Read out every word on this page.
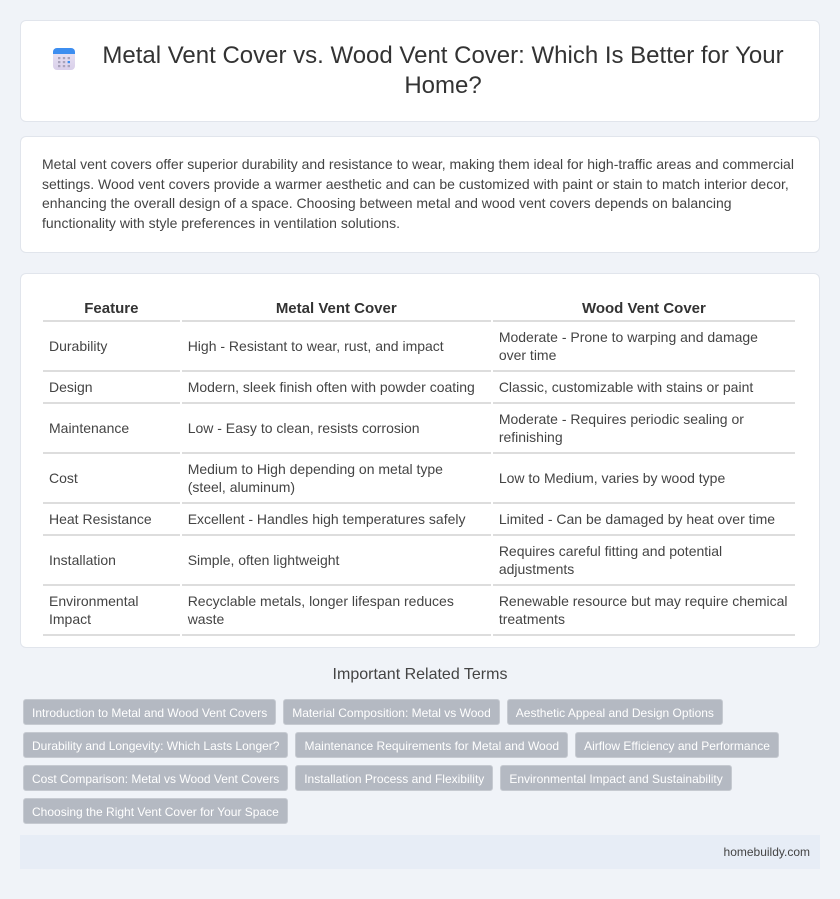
Metal Vent Cover vs. Wood Vent Cover: Which Is Better for Your Home?

Metal vent covers offer superior durability and resistance to wear, making them ideal for high-traffic areas and commercial settings. Wood vent covers provide a warmer aesthetic and can be customized with paint or stain to match interior decor, enhancing the overall design of a space. Choosing between metal and wood vent covers depends on balancing functionality with style preferences in ventilation solutions.

Feature	Metal Vent Cover	Wood Vent Cover
Durability	High - Resistant to wear, rust, and impact	Moderate - Prone to warping and damage over time
Design	Modern, sleek finish often with powder coating	Classic, customizable with stains or paint
Maintenance	Low - Easy to clean, resists corrosion	Moderate - Requires periodic sealing or refinishing
Cost	Medium to High depending on metal type (steel, aluminum)	Low to Medium, varies by wood type
Heat Resistance	Excellent - Handles high temperatures safely	Limited - Can be damaged by heat over time
Installation	Simple, often lightweight	Requires careful fitting and potential adjustments
Environmental Impact	Recyclable metals, longer lifespan reduces waste	Renewable resource but may require chemical treatments
Important Related Terms
Introduction to Metal and Wood Vent Covers	Material Composition: Metal vs Wood	Aesthetic Appeal and Design Options
Durability and Longevity: Which Lasts Longer?	Maintenance Requirements for Metal and Wood	Airflow Efficiency and Performance
Cost Comparison: Metal vs Wood Vent Covers	Installation Process and Flexibility	Environmental Impact and Sustainability
Choosing the Right Vent Cover for Your Space
homebuildy.com
